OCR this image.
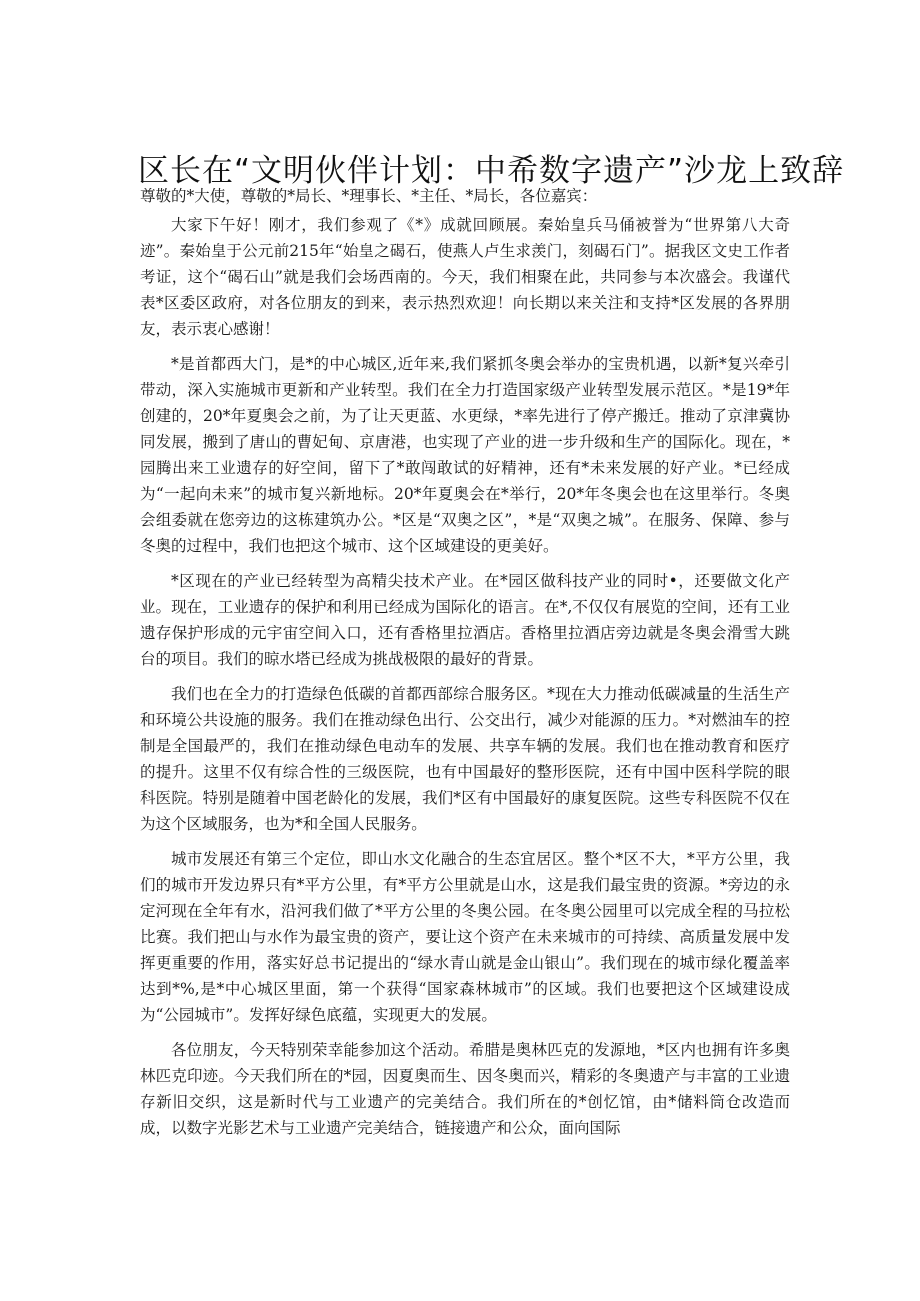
区长在“文明伙伴计划：中希数字遗产”沙龙上致辞
尊敬的*大使，尊敬的*局长、*理事长、*主任、*局长，各位嘉宾：

大家下午好！刚才，我们参观了《*》成就回顾展。秦始皇兵马俑被誉为“世界第八大奇迹”。秦始皇于公元前215年“始皇之碣石，使燕人卢生求羡门，刻碣石门”。据我区文史工作者考证，这个“碣石山”就是我们会场西南的。今天，我们相聚在此，共同参与本次盛会。我谨代表*区委区政府，对各位朋友的到来，表示热烈欢迎！向长期以来关注和支持*区发展的各界朋友，表示衷心感谢！

*是首都西大门，是*的中心城区,近年来,我们紧抓冬奥会举办的宝贵机遇，以新*复兴牵引带动，深入实施城市更新和产业转型。我们在全力打造国家级产业转型发展示范区。*是19*年创建的，20*年夏奥会之前，为了让天更蓝、水更绿，*率先进行了停产搬迁。推动了京津冀协同发展，搬到了唐山的曹妃甸、京唐港，也实现了产业的进一步升级和生产的国际化。现在，*园腾出来工业遗存的好空间，留下了*敢闯敢试的好精神，还有*未来发展的好产业。*已经成为“一起向未来”的城市复兴新地标。20*年夏奥会在*举行，20*年冬奥会也在这里举行。冬奥会组委就在您旁边的这栋建筑办公。*区是“双奥之区”，*是“双奥之城”。在服务、保障、参与冬奥的过程中，我们也把这个城市、这个区域建设的更美好。

*区现在的产业已经转型为高精尖技术产业。在*园区做科技产业的同时•，还要做文化产业。现在，工业遗存的保护和利用已经成为国际化的语言。在*,不仅仅有展览的空间，还有工业遗存保护形成的元宇宙空间入口，还有香格里拉酒店。香格里拉酒店旁边就是冬奥会滑雪大跳台的项目。我们的晾水塔已经成为挑战极限的最好的背景。

我们也在全力的打造绿色低碳的首都西部综合服务区。*现在大力推动低碳减量的生活生产和环境公共设施的服务。我们在推动绿色出行、公交出行，减少对能源的压力。*对燃油车的控制是全国最严的，我们在推动绿色电动车的发展、共享车辆的发展。我们也在推动教育和医疗的提升。这里不仅有综合性的三级医院，也有中国最好的整形医院，还有中国中医科学院的眼科医院。特别是随着中国老龄化的发展，我们*区有中国最好的康复医院。这些专科医院不仅在为这个区域服务，也为*和全国人民服务。

城市发展还有第三个定位，即山水文化融合的生态宜居区。整个*区不大，*平方公里，我们的城市开发边界只有*平方公里，有*平方公里就是山水，这是我们最宝贵的资源。*旁边的永定河现在全年有水，沿河我们做了*平方公里的冬奥公园。在冬奥公园里可以完成全程的马拉松比赛。我们把山与水作为最宝贵的资产，要让这个资产在未来城市的可持续、高质量发展中发挥更重要的作用，落实好总书记提出的“绿水青山就是金山银山”。我们现在的城市绿化覆盖率达到*%,是*中心城区里面，第一个获得“国家森林城市”的区域。我们也要把这个区域建设成为“公园城市”。发挥好绿色底蕴，实现更大的发展。

各位朋友，今天特别荣幸能参加这个活动。希腊是奥林匹克的发源地，*区内也拥有许多奥林匹克印迹。今天我们所在的*园，因夏奥而生、因冬奥而兴，精彩的冬奥遗产与丰富的工业遗存新旧交织，这是新时代与工业遗产的完美结合。我们所在的*创忆馆，由*储料筒仓改造而成，以数字光影艺术与工业遗产完美结合，链接遗产和公众，面向国际
